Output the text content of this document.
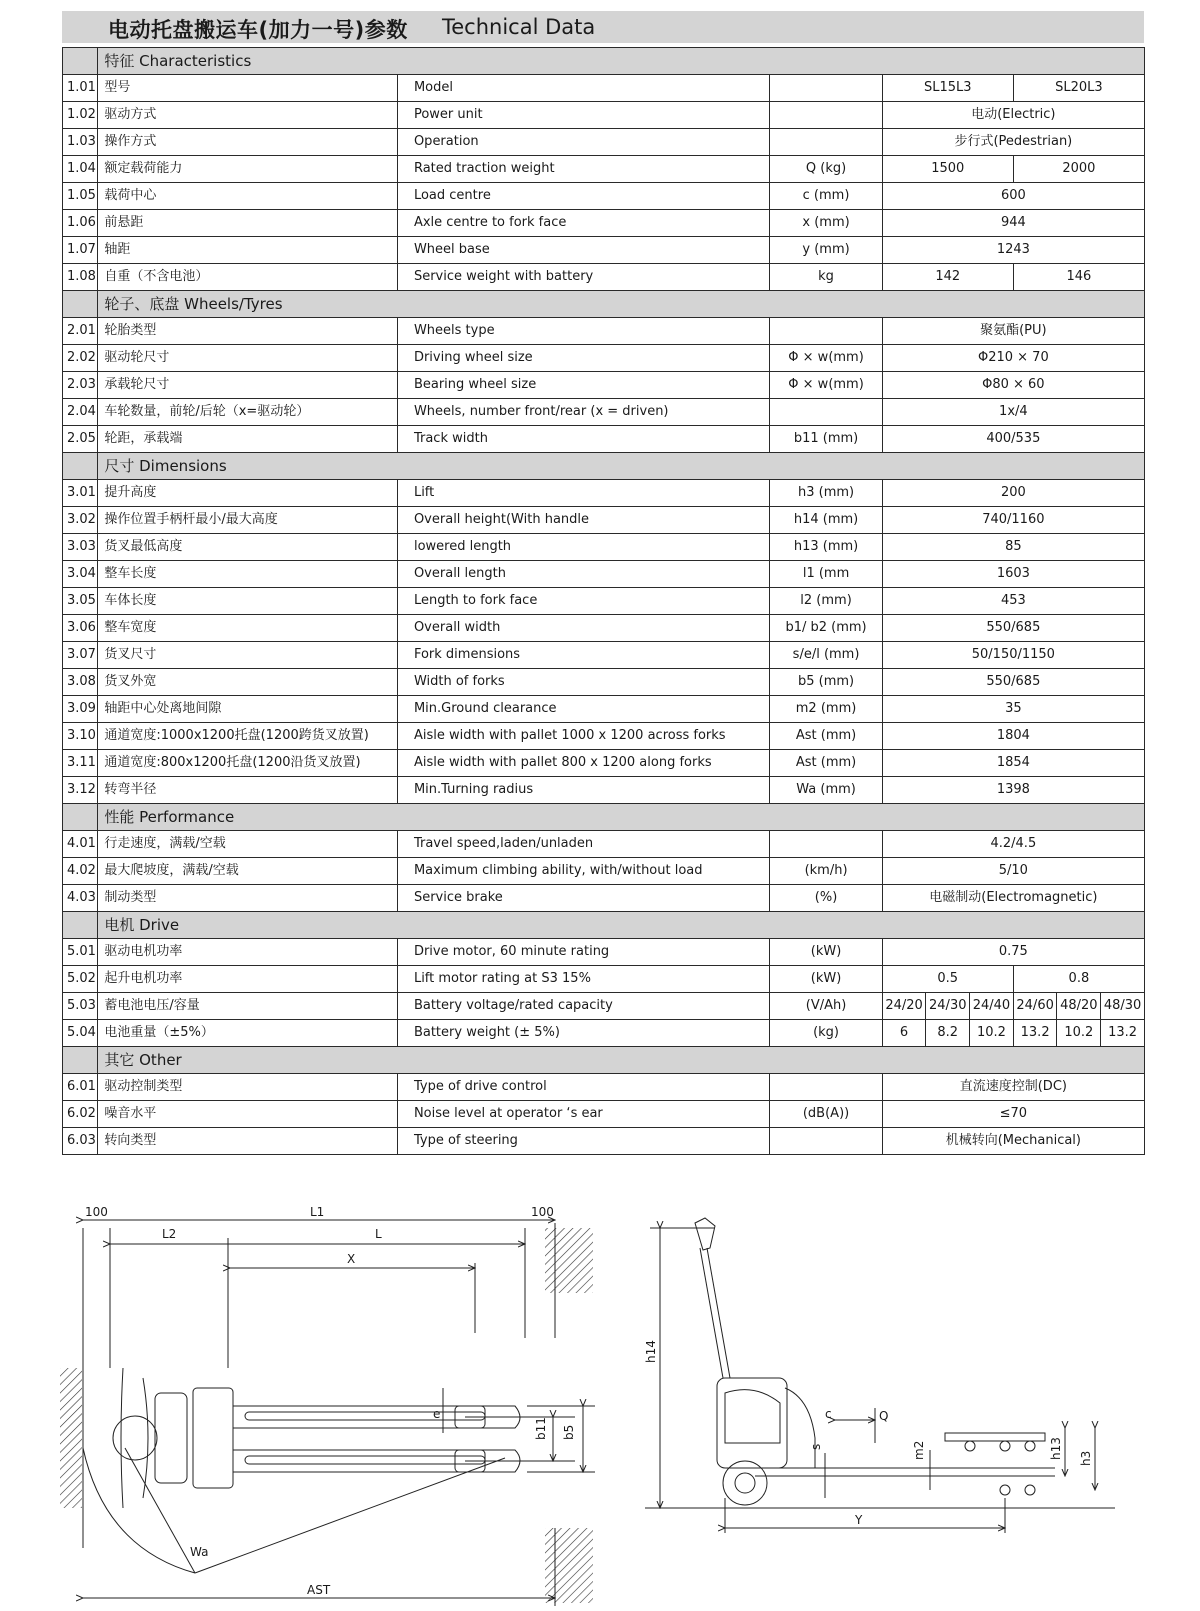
电动托盘搬运车(加力一号)参数 Technical Data
	特征 Characteristics								
1.01	型号	Model		SL15L3			SL20L3		
1.02	驱动方式	Power unit		电动(Electric)					
1.03	操作方式	Operation		步行式(Pedestrian)					
1.04	额定载荷能力	Rated traction weight	Q (kg)	1500			2000		
1.05	载荷中心	Load centre	c (mm)	600					
1.06	前悬距	Axle centre to fork face	x (mm)	944					
1.07	轴距	Wheel base	y (mm)	1243					
1.08	自重（不含电池）	Service weight with battery	kg	142			146		
	轮子、底盘 Wheels/Tyres								
2.01	轮胎类型	Wheels type		聚氨酯(PU)					
2.02	驱动轮尺寸	Driving wheel size	Φ × w(mm)	Φ210 × 70					
2.03	承载轮尺寸	Bearing wheel size	Φ × w(mm)	Φ80 × 60					
2.04	车轮数量，前轮/后轮（x=驱动轮）	Wheels, number front/rear (x = driven)		1x/4					
2.05	轮距，承载端	Track width	b11 (mm)	400/535					
	尺寸 Dimensions								
3.01	提升高度	Lift	h3 (mm)	200					
3.02	操作位置手柄杆最小/最大高度	Overall height(With handle	h14 (mm)	740/1160					
3.03	货叉最低高度	lowered length	h13 (mm)	85					
3.04	整车长度	Overall length	l1 (mm	1603					
3.05	车体长度	Length to fork face	l2 (mm)	453					
3.06	整车宽度	Overall width	b1/ b2 (mm)	550/685					
3.07	货叉尺寸	Fork dimensions	s/e/l (mm)	50/150/1150					
3.08	货叉外宽	Width of forks	b5 (mm)	550/685					
3.09	轴距中心处离地间隙	Min.Ground clearance	m2 (mm)	35					
3.10	通道宽度:1000x1200托盘(1200跨货叉放置)	Aisle width with pallet 1000 x 1200 across forks	Ast (mm)	1804					
3.11	通道宽度:800x1200托盘(1200沿货叉放置)	Aisle width with pallet 800 x 1200 along forks	Ast (mm)	1854					
3.12	转弯半径	Min.Turning radius	Wa (mm)	1398					
	性能 Performance								
4.01	行走速度，满载/空载	Travel speed,laden/unladen		4.2/4.5					
4.02	最大爬坡度，满载/空载	Maximum climbing ability, with/without load	(km/h)	5/10					
4.03	制动类型	Service brake	(%)	电磁制动(Electromagnetic)					
	电机 Drive								
5.01	驱动电机功率	Drive motor, 60 minute rating	(kW)	0.75					
5.02	起升电机功率	Lift motor rating at S3 15%	(kW)	0.5			0.8		
5.03	蓄电池电压/容量	Battery voltage/rated capacity	(V/Ah)	24/20	24/30	24/40	24/60	48/20	48/30
5.04	电池重量（±5%）	Battery weight (± 5%)	(kg)	6	8.2	10.2	13.2	10.2	13.2
	其它 Other								
6.01	驱动控制类型	Type of drive control		直流速度控制(DC)					
6.02	噪音水平	Noise level at operator ‘s ear	(dB(A))	≤70					
6.03	转向类型	Type of steering		机械转向(Mechanical)					
100	L1	100
L2	L
X
e
b11 b5
Wa
AST
h14
c	Q
s	m2	h13 h3
Y
